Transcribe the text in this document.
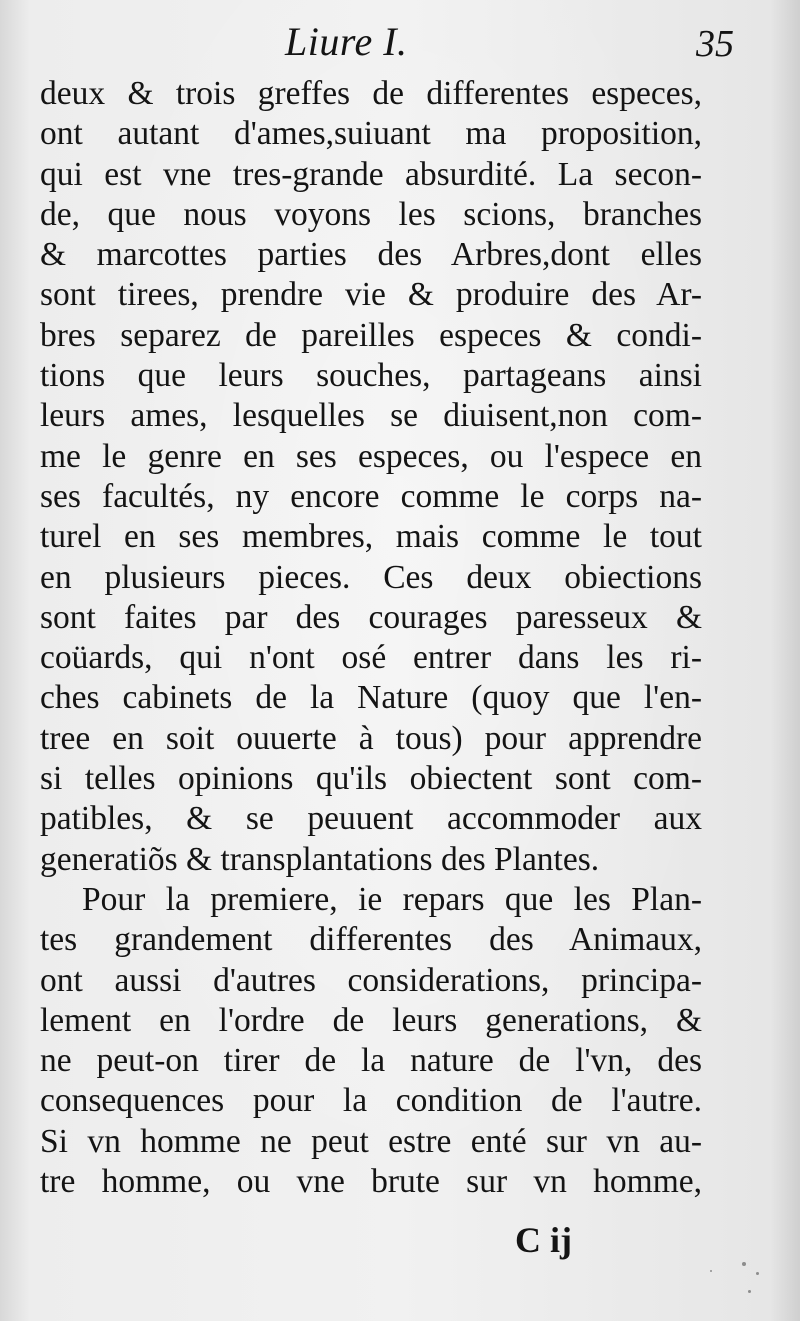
Liure I.	35
deux & trois greffes de differentes especes,
ont autant d'ames,suiuant ma proposition,
qui est vne tres-grande absurdité. La secon-
de, que nous voyons les scions, branches
& marcottes parties des Arbres,dont elles
sont tirees, prendre vie & produire des Ar-
bres separez de pareilles especes & condi-
tions que leurs souches, partageans ainsi
leurs ames, lesquelles se diuisent,non com-
me le genre en ses especes, ou l'espece en
ses facultés, ny encore comme le corps na-
turel en ses membres, mais comme le tout
en plusieurs pieces. Ces deux obiections
sont faites par des courages paresseux &
coüards, qui n'ont osé entrer dans les ri-
ches cabinets de la Nature (quoy que l'en-
tree en soit ouuerte à tous) pour apprendre
si telles opinions qu'ils obiectent sont com-
patibles, & se peuuent accommoder aux
generatiõs & transplantations des Plantes.
Pour la premiere, ie repars que les Plan-
tes grandement differentes des Animaux,
ont aussi d'autres considerations, principa-
lement en l'ordre de leurs generations, &
ne peut-on tirer de la nature de l'vn, des
consequences pour la condition de l'autre.
Si vn homme ne peut estre enté sur vn au-
tre homme, ou vne brute sur vn homme,
C ij
